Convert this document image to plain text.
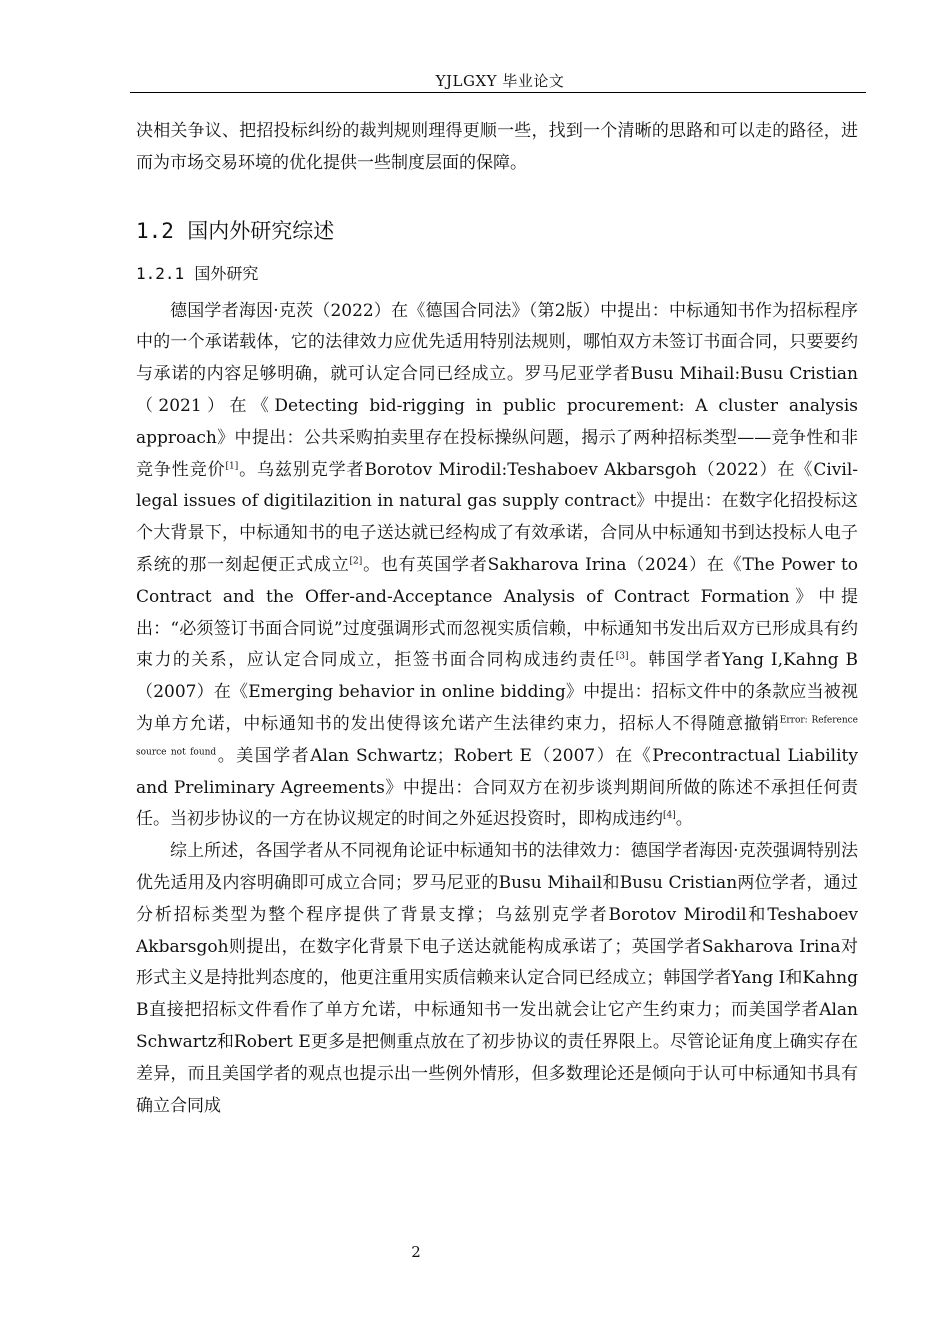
YJLGXY 毕业论文

决相关争议、把招投标纠纷的裁判规则理得更顺一些，找到一个清晰的思路和可以走的路径，进而为市场交易环境的优化提供一些制度层面的保障。

1.2 国内外研究综述
1.2.1 国外研究

德国学者海因·克茨（2022）在《德国合同法》（第2版）中提出：中标通知书作为招标程序中的一个承诺载体，它的法律效力应优先适用特别法规则，哪怕双方未签订书面合同，只要要约与承诺的内容足够明确，就可认定合同已经成立。罗马尼亚学者Busu Mihail:Busu Cristian（2021）在《Detecting bid-rigging in public procurement: A cluster analysis approach》中提出：公共采购拍卖里存在投标操纵问题，揭示了两种招标类型——竞争性和非竞争性竞价[1]。乌兹别克学者Borotov Mirodil:Teshaboev Akbarsgoh（2022）在《Civil-legal issues of digitilazition in natural gas supply contract》中提出：在数字化招投标这个大背景下，中标通知书的电子送达就已经构成了有效承诺，合同从中标通知书到达投标人电子系统的那一刻起便正式成立[2]。也有英国学者Sakharova Irina（2024）在《The Power to Contract and the Offer-and-Acceptance Analysis of Contract Formation》中提出：“必须签订书面合同说”过度强调形式而忽视实质信赖，中标通知书发出后双方已形成具有约束力的关系，应认定合同成立，拒签书面合同构成违约责任[3]。韩国学者Yang I,Kahng B（2007）在《Emerging behavior in online bidding》中提出：招标文件中的条款应当被视为单方允诺，中标通知书的发出使得该允诺产生法律约束力，招标人不得随意撤销$^{Error: Reference source not found}$。美国学者Alan Schwartz；Robert E（2007）在《Precontractual Liability and Preliminary Agreements》中提出：合同双方在初步谈判期间所做的陈述不承担任何责任。当初步协议的一方在协议规定的时间之外延迟投资时，即构成违约[4]。

综上所述，各国学者从不同视角论证中标通知书的法律效力：德国学者海因·克茨强调特别法优先适用及内容明确即可成立合同；罗马尼亚的Busu Mihail和Busu Cristian两位学者，通过分析招标类型为整个程序提供了背景支撑；乌兹别克学者Borotov Mirodil和Teshaboev Akbarsgoh则提出，在数字化背景下电子送达就能构成承诺了；英国学者Sakharova Irina对形式主义是持批判态度的，他更注重用实质信赖来认定合同已经成立；韩国学者Yang I和Kahng B直接把招标文件看作了单方允诺，中标通知书一发出就会让它产生约束力；而美国学者Alan Schwartz和Robert E更多是把侧重点放在了初步协议的责任界限上。尽管论证角度上确实存在差异，而且美国学者的观点也提示出一些例外情形，但多数理论还是倾向于认可中标通知书具有确立合同成

2
